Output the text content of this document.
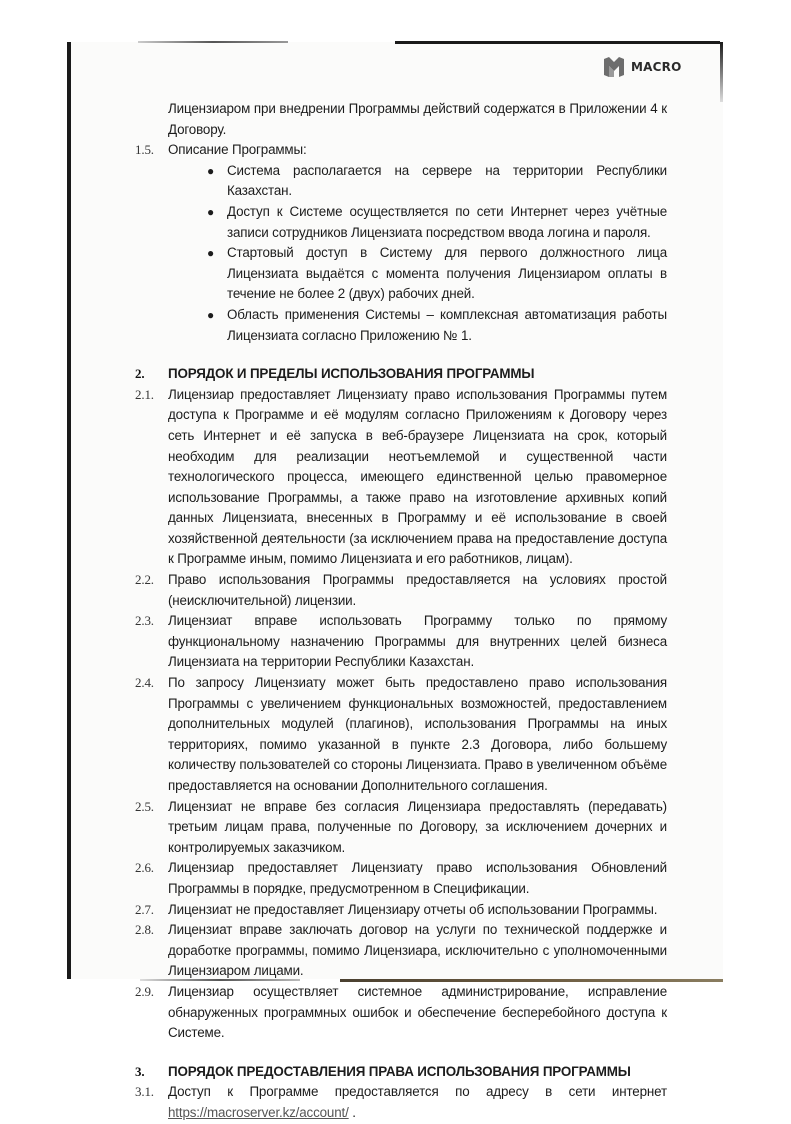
MACRO
Лицензиаром при внедрении Программы действий содержатся в Приложении 4 к Договору.
1.5.	Описание Программы:
● Система располагается на сервере на территории Республики Казахстан.
● Доступ к Системе осуществляется по сети Интернет через учётные записи сотрудников Лицензиата посредством ввода логина и пароля.
● Стартовый доступ в Систему для первого должностного лица Лицензиата выдаётся с момента получения Лицензиаром оплаты в течение не более 2 (двух) рабочих дней.
● Область применения Системы – комплексная автоматизация работы Лицензиата согласно Приложению № 1.
2.	ПОРЯДОК И ПРЕДЕЛЫ ИСПОЛЬЗОВАНИЯ ПРОГРАММЫ
2.1.	Лицензиар предоставляет Лицензиату право использования Программы путем доступа к Программе и её модулям согласно Приложениям к Договору через сеть Интернет и её запуска в веб-браузере Лицензиата на срок, который необходим для реализации неотъемлемой и существенной части технологического процесса, имеющего единственной целью правомерное использование Программы, а также право на изготовление архивных копий данных Лицензиата, внесенных в Программу и её использование в своей хозяйственной деятельности (за исключением права на предоставление доступа к Программе иным, помимо Лицензиата и его работников, лицам).
2.2.	Право использования Программы предоставляется на условиях простой (неисключительной) лицензии.
2.3.	Лицензиат вправе использовать Программу только по прямому функциональному назначению Программы для внутренних целей бизнеса Лицензиата на территории Республики Казахстан.
2.4.	По запросу Лицензиату может быть предоставлено право использования Программы с увеличением функциональных возможностей, предоставлением дополнительных модулей (плагинов), использования Программы на иных территориях, помимо указанной в пункте 2.3 Договора, либо большему количеству пользователей со стороны Лицензиата. Право в увеличенном объёме предоставляется на основании Дополнительного соглашения.
2.5.	Лицензиат не вправе без согласия Лицензиара предоставлять (передавать) третьим лицам права, полученные по Договору, за исключением дочерних и контролируемых заказчиком.
2.6.	Лицензиар предоставляет Лицензиату право использования Обновлений Программы в порядке, предусмотренном в Спецификации.
2.7.	Лицензиат не предоставляет Лицензиару отчеты об использовании Программы.
2.8.	Лицензиат вправе заключать договор на услуги по технической поддержке и доработке программы, помимо Лицензиара, исключительно с уполномоченными Лицензиаром лицами.
2.9.	Лицензиар осуществляет системное администрирование, исправление обнаруженных программных ошибок и обеспечение бесперебойного доступа к Системе.
3.	ПОРЯДОК ПРЕДОСТАВЛЕНИЯ ПРАВА ИСПОЛЬЗОВАНИЯ ПРОГРАММЫ
3.1.	Доступ к Программе предоставляется по адресу в сети интернет
https://macroserver.kz/account/ .
